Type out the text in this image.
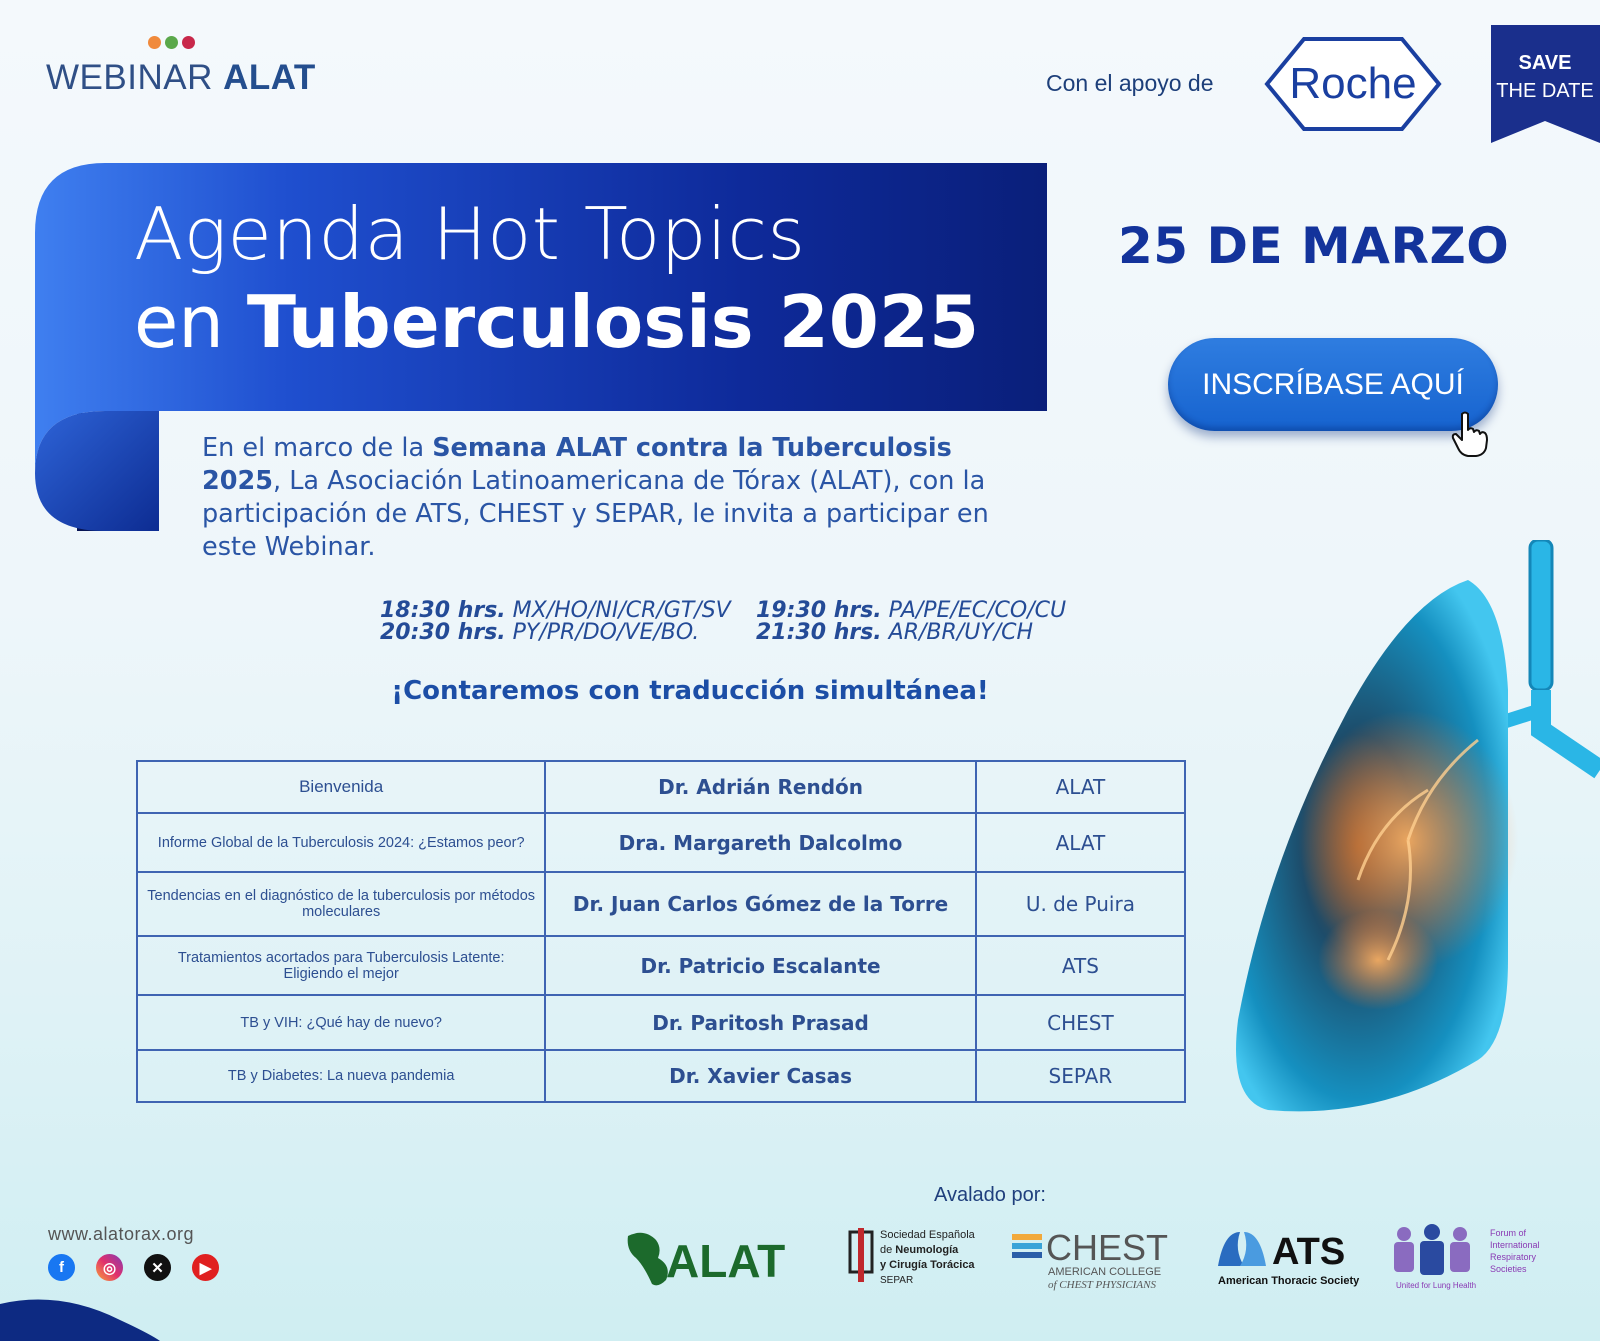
WEBINAR ALAT	Con el apoyo de Roche	SAVE
THE DATE
Agenda Hot Topics
en Tuberculosis 2025
25 DE MARZO
INSCRÍBASE AQUÍ
En el marco de la Semana ALAT contra la Tuberculosis 2025, La Asociación Latinoamericana de Tórax (ALAT), con la participación de ATS, CHEST y SEPAR, le invita a participar en este Webinar.
18:30 hrs. MX/HO/NI/CR/GT/SV	19:30 hrs. PA/PE/EC/CO/CU
20:30 hrs. PY/PR/DO/VE/BO.	21:30 hrs. AR/BR/UY/CH
¡Contaremos con traducción simultánea!
Bienvenida	Dr. Adrián Rendón	ALAT
Informe Global de la Tuberculosis 2024: ¿Estamos peor?	Dra. Margareth Dalcolmo	ALAT
Tendencias en el diagnóstico de la tuberculosis por métodos moleculares	Dr. Juan Carlos Gómez de la Torre	U. de Puira
Tratamientos acortados para Tuberculosis Latente: Eligiendo el mejor	Dr. Patricio Escalante	ATS
TB y VIH: ¿Qué hay de nuevo?	Dr. Paritosh Prasad	CHEST
TB y Diabetes: La nueva pandemia	Dr. Xavier Casas	SEPAR
Avalado por:
www.alatorax.org
f	◎	✕	▶	ALAT	Sociedad Española
de Neumología
y Cirugía Torácica
SEPAR
CHEST
AMERICAN COLLEGE
of CHEST PHYSICIANS
ATS
American Thoracic Society
Forum of
International
Respiratory
Societies
United for Lung Health
